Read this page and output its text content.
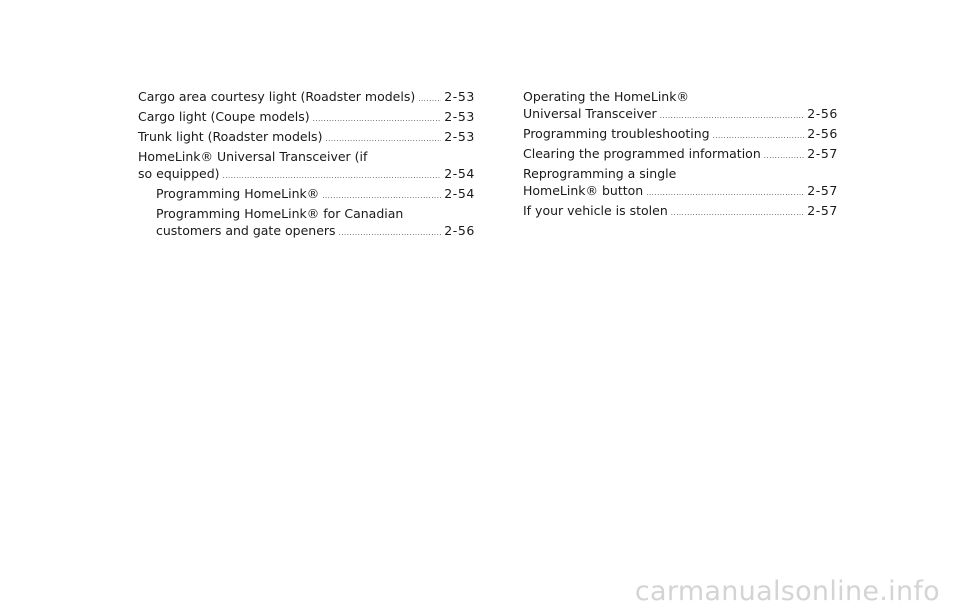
Cargo area courtesy light (Roadster models) ..... 2-53
Cargo light (Coupe models) .....	2-53
Trunk light (Roadster models) .....	2-53
HomeLink® Universal Transceiver (if
so equipped) .....	2-54
Programming HomeLink® .....	2-54
Programming HomeLink® for Canadian
customers and gate openers .....	2-56
Operating the HomeLink®
Universal Transceiver .....	2-56
Programming troubleshooting .....	2-56
Clearing the programmed information .....	2-57
Reprogramming a single
HomeLink® button .....	2-57
If your vehicle is stolen .....	2-57
carmanualsonline.info
